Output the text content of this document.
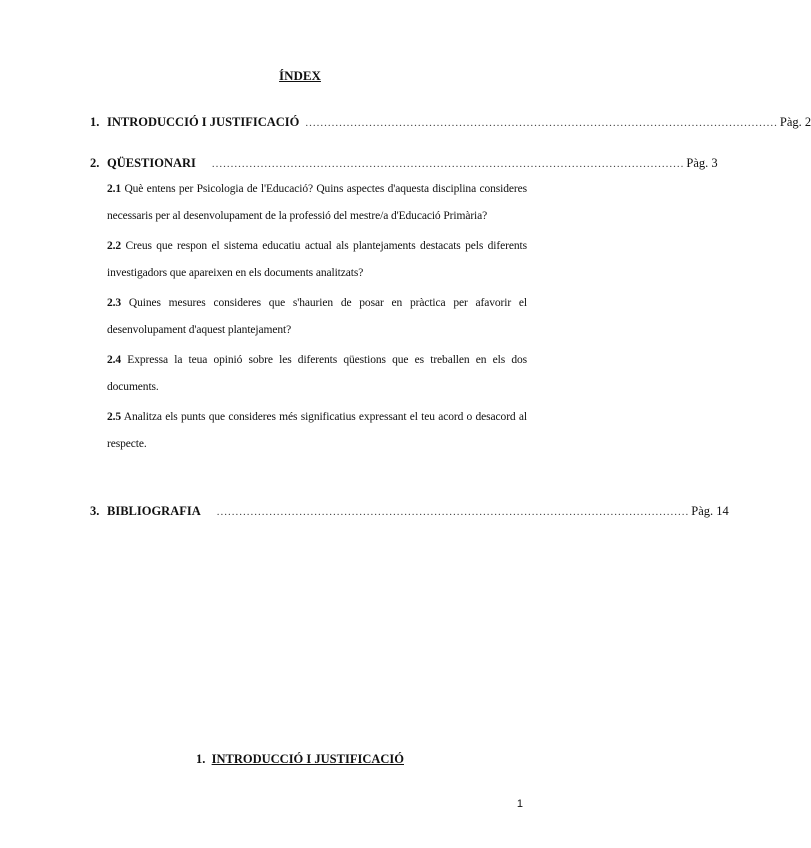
ÍNDEX
1. INTRODUCCIÓ I JUSTIFICACIÓ .............................................................................................................................. Pàg. 2
2. QÜESTIONARI .............................................................................................................................. Pàg. 3
2.1 Què entens per Psicologia de l'Educació? Quins aspectes d'aquesta disciplina consideres necessaris per al desenvolupament de la professió del mestre/a d'Educació Primària?
2.2 Creus que respon el sistema educatiu actual als plantejaments destacats pels diferents investigadors que apareixen en els documents analitzats?
2.3 Quines mesures consideres que s'haurien de posar en pràctica per afavorir el desenvolupament d'aquest plantejament?
2.4 Expressa la teua opinió sobre les diferents qüestions que es treballen en els dos documents.
2.5 Analitza els punts que consideres més significatius expressant el teu acord o desacord al respecte.
3. BIBLIOGRAFIA .............................................................................................................................. Pàg. 14
1. INTRODUCCIÓ I JUSTIFICACIÓ
1
